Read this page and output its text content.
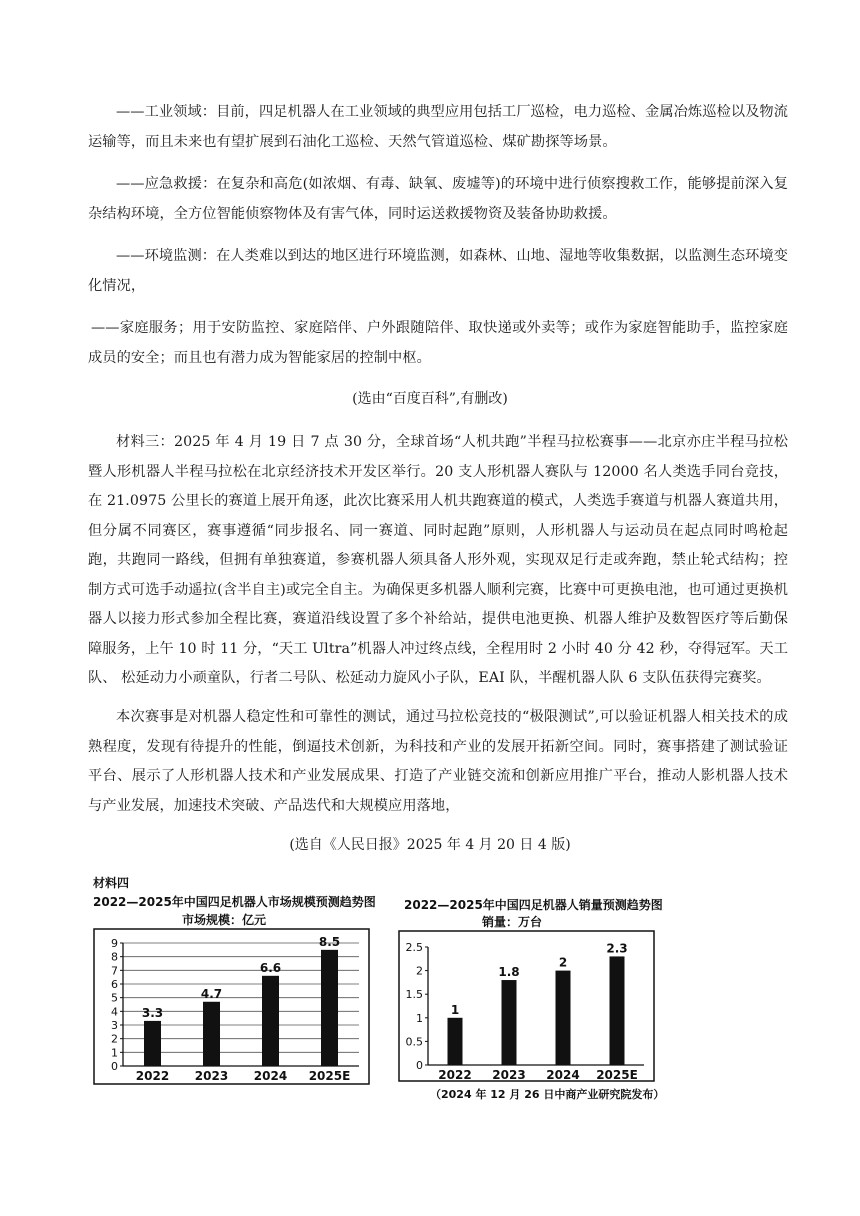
——工业领域：目前，四足机器人在工业领域的典型应用包括工厂巡检，电力巡检、金属冶炼巡检以及物流运输等，而且未来也有望扩展到石油化工巡检、天然气管道巡检、煤矿勘探等场景。

——应急救援：在复杂和高危(如浓烟、有毒、缺氧、废墟等)的环境中进行侦察搜救工作，能够提前深入复杂结构环境，全方位智能侦察物体及有害气体，同时运送救援物资及装备协助救援。

——环境监测：在人类难以到达的地区进行环境监测，如森林、山地、湿地等收集数据，以监测生态环境变化情况，

——家庭服务；用于安防监控、家庭陪伴、户外跟随陪伴、取快递或外卖等；或作为家庭智能助手，监控家庭成员的安全；而且也有潜力成为智能家居的控制中枢。

(选由“百度百科”,有删改)

材料三：2025 年 4 月 19 日 7 点 30 分，全球首场“人机共跑”半程马拉松赛事——北京亦庄半程马拉松暨人形机器人半程马拉松在北京经济技术开发区举行。20 支人形机器人赛队与 12000 名人类选手同台竞技，在 21.0975 公里长的赛道上展开角逐，此次比赛采用人机共跑赛道的模式，人类选手赛道与机器人赛道共用，但分属不同赛区，赛事遵循“同步报名、同一赛道、同时起跑”原则，人形机器人与运动员在起点同时鸣枪起跑，共跑同一路线，但拥有单独赛道，参赛机器人须具备人形外观，实现双足行走或奔跑，禁止轮式结构；控制方式可选手动遥拉(含半自主)或完全自主。为确保更多机器人顺利完赛，比赛中可更换电池，也可通过更换机器人以接力形式参加全程比赛，赛道沿线设置了多个补给站，提供电池更换、机器人维护及数智医疗等后勤保障服务，上午 10 时 11 分，“天工 Ultra”机器人冲过终点线，全程用时 2 小时 40 分 42 秒，夺得冠军。天工队、 松延动力小顽童队，行者二号队、松延动力旋风小子队，EAI 队，半醒机器人队 6 支队伍获得完赛奖。

本次赛事是对机器人稳定性和可靠性的测试，通过马拉松竞技的“极限测试”,可以验证机器人相关技术的成熟程度，发现有待提升的性能，倒逼技术创新，为科技和产业的发展开拓新空间。同时，赛事搭建了测试验证平台、展示了人形机器人技术和产业发展成果、打造了产业链交流和创新应用推广平台，推动人影机器人技术与产业发展，加速技术突破、产品迭代和大规模应用落地，

(选自《人民日报》2025 年 4 月 20 日 4 版)

材料四
2022—2025年中国四足机器人市场规模预测趋势图
市场规模：亿元
2022—2025年中国四足机器人销量预测趋势图
销量：万台
0
1
2
3
4
5
6
7
8
9
3.3
2022
4.7
2023
6.6
2024
8.5
2025E
0
0.5
1
1.5
2
2.5
1
2022
1.8
2023
2
2024
2.3
2025E
（2024 年 12 月 26 日中商产业研究院发布）
